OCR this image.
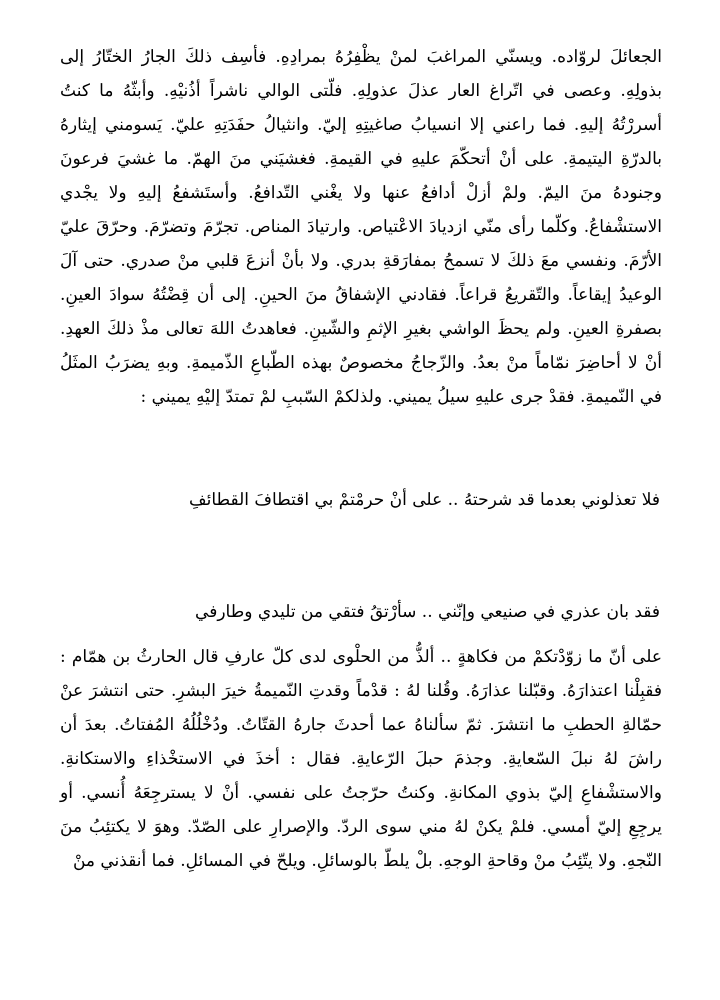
الجعائلَ لروّاده. ويسنّي المراغبَ لمنْ يظْفِرُهُ بمرادِهِ. فأسِف ذلكَ الجارُ الختّارُ إلى بذولِهِ. وعصى في اتّراغ العار عذلَ عذولِهِ. فلّتى الوالي ناشراً أذُنيْهِ. وأبثّهُ ما كنتُ أسررْتُهُ إليهِ. فما راعني إلا انسيابُ صاغيتِهِ إليّ. وانثيالُ حفَدَتِهِ عليّ. يَسومني إيثارهُ بالدرّةِ اليتيمةِ. على أنْ أتحكّمَ عليهِ في القيمةِ. فغشيَني منَ الهمّ. ما غشيَ فرعونَ وجنودهُ منَ اليمّ. ولمْ أزلْ أدافعُ عنها ولا يغْني التّدافعُ. وأستَشفعُ إليهِ ولا يجْدي الاستشْفاعُ. وكلّما رأى منّي ازديادَ الاعْتياص. وارتيادَ المناص. تجرّمَ وتضرّمَ. وحرّقَ عليّ الأرّمَ. ونفسي معَ ذلكَ لا تسمحُ بمفارَقةِ بدري. ولا بأنْ أنزعَ قلبي منْ صدري. حتى آلَ الوعيدُ إيقاعاً. والتّقريعُ قراعاً. فقادني الإشفاقُ منَ الحينِ. إلى أن قِضْتُهُ سوادَ العينِ. بصفرةِ العينِ. ولم يحظَ الواشي بغيرِ الإثمِ والشّينِ. فعاهدتُ اللهَ تعالى مذْ ذلكَ العهدِ. أنْ لا أحاضِرَ نمّاماً منْ بعدُ. والزّجاجُ مخصوصٌ بهذه الطّباعِ الذّميمةِ. وبهِ يضرَبُ المثَلُ في النّميمةِ. فقدْ جرى عليهِ سيلُ يميني. ولذلكمْ السّببِ لمْ تمتدّ إليْهِ يميني :

فلا تعذلوني بعدما قد شرحتهُ .. على أنْ حرمْتمْ بي اقتطافَ القطائفِ

فقد بان عذري في صنيعي وإنّني .. سأرْتقُ فتقي من تليدي وطارفي

على أنّ ما زوّدْتكمْ من فكاهةٍ .. ألذُّ من الحلْوى لدى كلّ عارفِ قال الحارثُ بن همّام : فقبِلْنا اعتذارَهُ. وقبّلنا عذارَهُ. وقُلنا لهُ : قدْماً وقدتِ النّميمةُ خيرَ البشرِ. حتى انتشرَ عنْ حمّالةِ الحطبِ ما انتشرَ. ثمّ سألناهُ عما أحدثَ جارهُ القتّاتُ. ودُخْلُلُهُ المُفتاتُ. بعدَ أن راشَ لهُ نبلَ السّعايةِ. وجذمَ حبلَ الرّعايةِ. فقال : أخذَ في الاستخْذاءِ والاستكانةِ. والاستشْفاعِ إليّ بذوي المكانةِ. وكنتُ حرّجتُ على نفسي. أنْ لا يسترجِعَهُ أُنسي. أو يرجِعِ إليّ أمسي. فلمْ يكنْ لهُ مني سوى الردّ. والإصرارِ على الصّدّ. وهوَ لا يكتئِبُ منَ النّجهِ. ولا يتّئِبُ منْ وقاحةِ الوجهِ. بلْ يلطّ بالوسائلِ. ويلحّ في المسائلِ. فما أنقذني منْ
